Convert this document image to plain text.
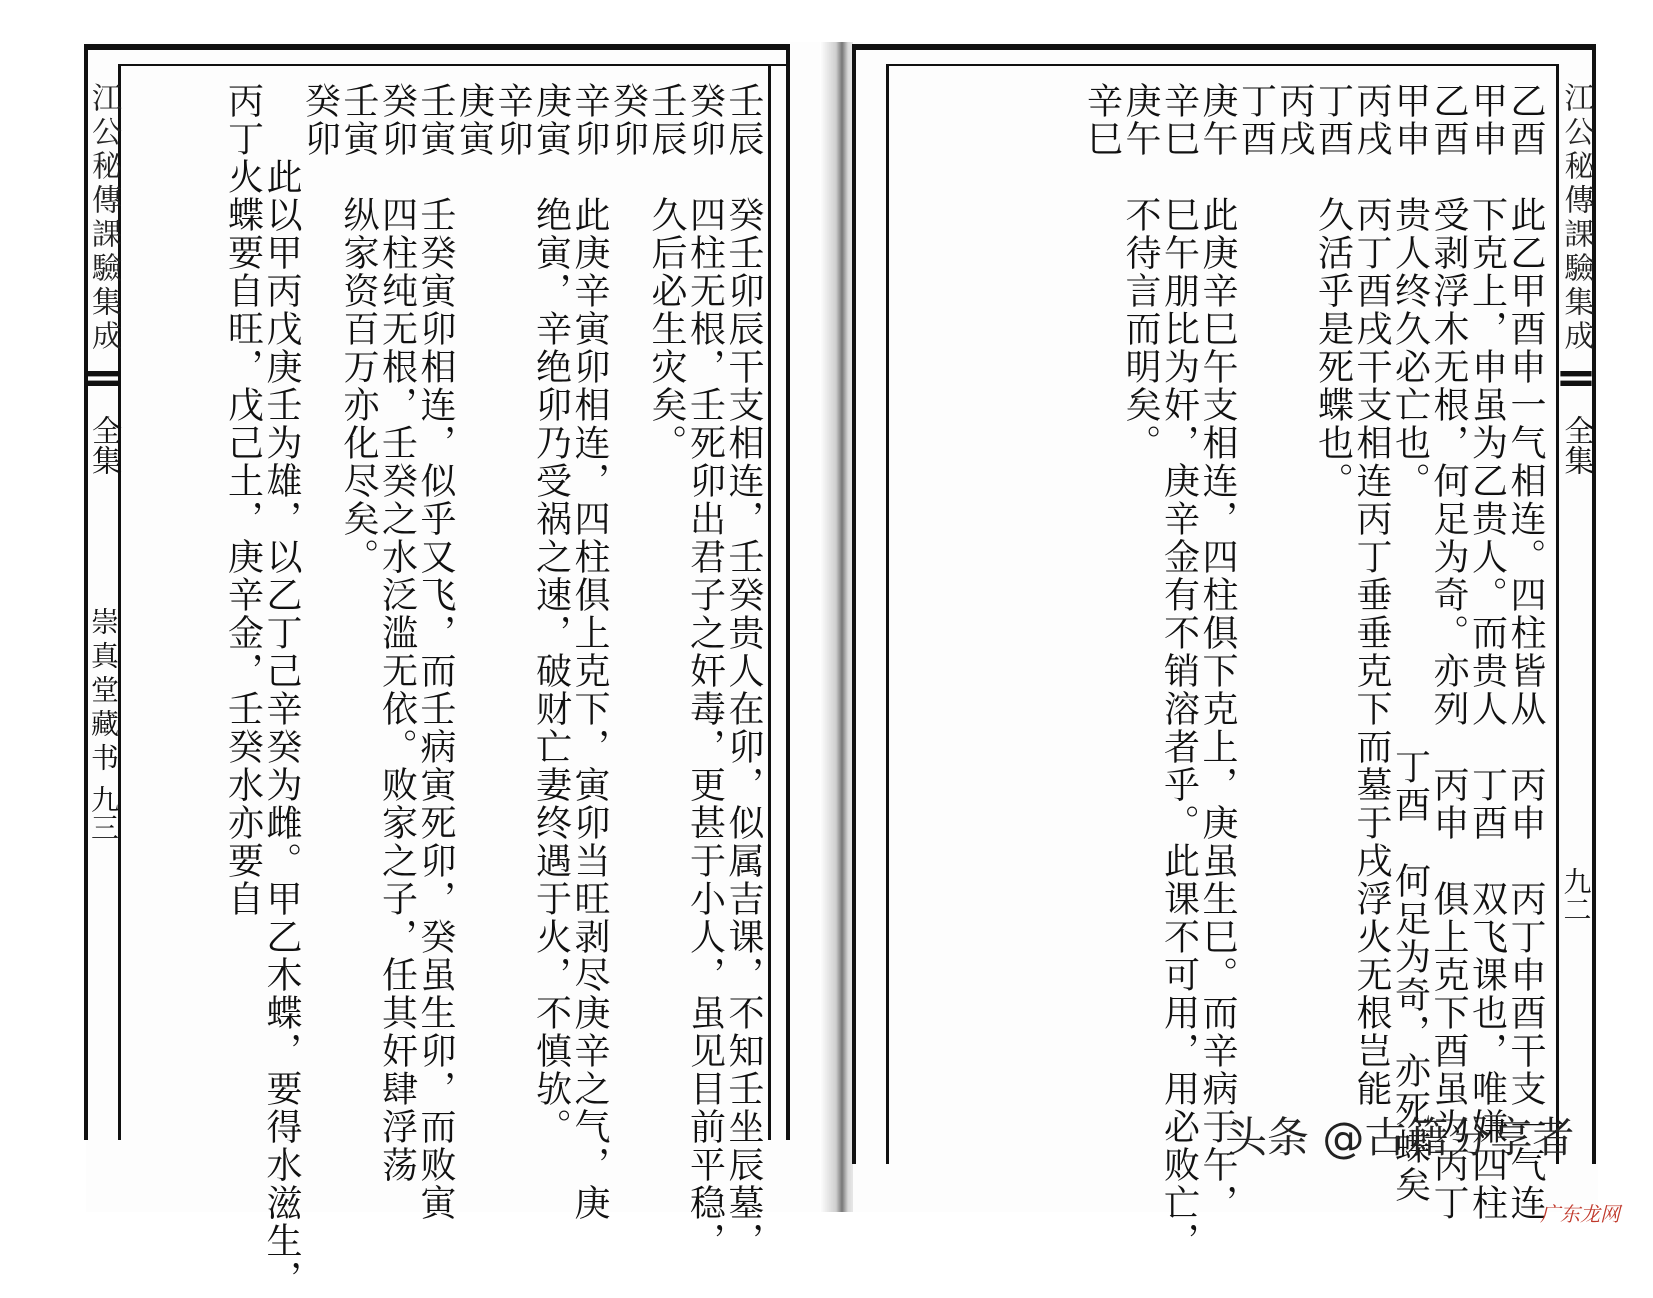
江公秘傳課驗集成
全集
崇真堂藏书
九三	壬辰　癸壬卯辰干支相连，壬癸贵人在卯，似属吉课，不知壬坐辰墓，

癸卯　四柱无根，壬死卯出君子之奸毒，更甚于小人，虽见目前平稳，

壬辰　久后必生灾矣。

癸卯

辛卯　此庚辛寅卯相连，四柱俱上克下，寅卯当旺剥尽庚辛之气，庚

庚寅　绝寅，辛绝卯乃受祸之速，破财亡妻终遇于火，不慎欤。

辛卯

庚寅

壬寅　壬癸寅卯相连，似乎又飞，而壬病寅死卯，癸虽生卯，而败寅

癸卯　四柱纯无根，壬癸之水泛滥无依。败家之子，任其奸肆浮荡

壬寅　纵家资百万亦化尽矣。

癸卯

　　此以甲丙戊庚壬为雄，以乙丁己辛癸为雌。甲乙木蝶，要得水滋生，

丙丁火蝶要自旺，戊己土，庚辛金，壬癸水亦要自	江公秘傳課驗集成
全集
九二

乙酉　此乙甲酉申一气相连。四柱皆从　丙申　丙丁申酉干支一气连

甲申　下克上，申虽为乙贵人。而贵人　丁酉　双飞课也，唯嫌四柱

乙酉　受剥浮木无根，何足为奇。亦列　丙申　俱上克下酉虽为丙丁

甲申　贵人终久必亡也。　　　　　　　丁酉　何足为奇，亦死蝶矣

丙戌　丙丁酉戌干支相连丙丁垂垂克下而墓于戌浮火无根岂能

丁酉　久活乎是死蝶也。

丙戌

丁酉

庚午　此庚辛巳午支相连，四柱俱下克上，庚虽生巳。而辛病于午，

辛巳　巳午朋比为奸，庚辛金有不销溶者乎。此课不可用，用必败亡，

庚午　不待言而明矣。

辛巳

头条 @古籍分享者
广东龙网
